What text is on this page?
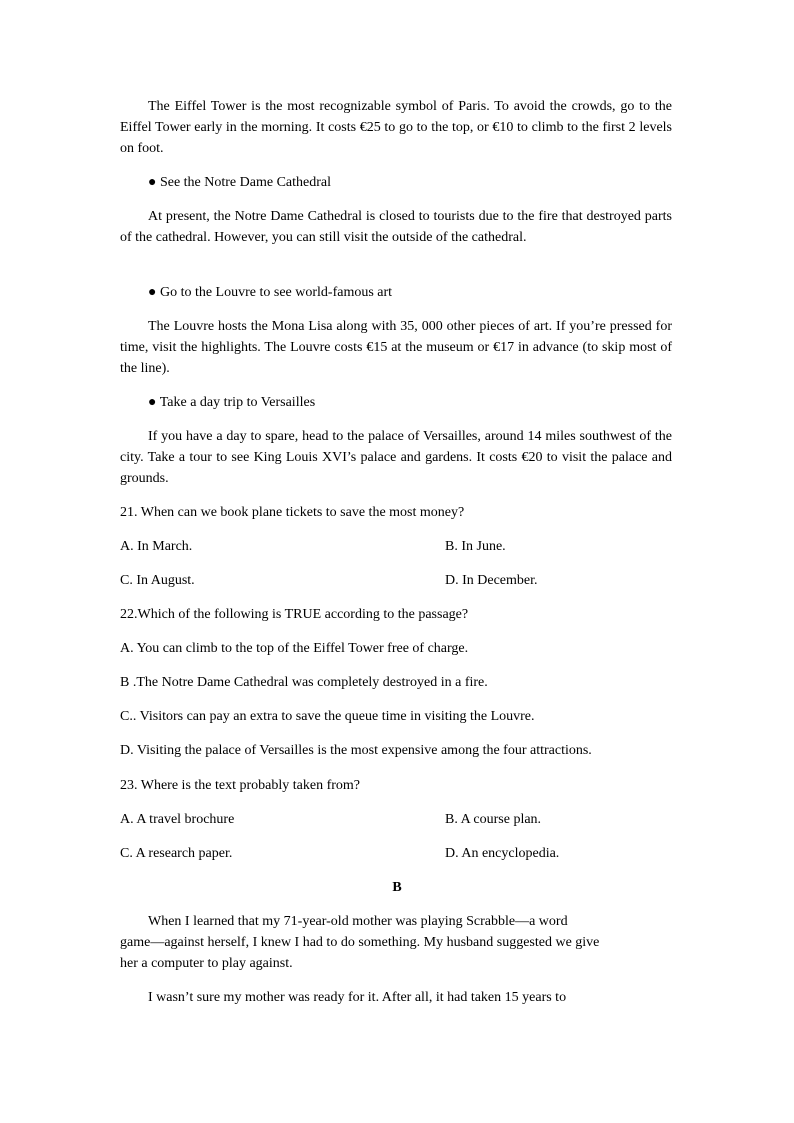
The Eiffel Tower is the most recognizable symbol of Paris. To avoid the crowds, go to the Eiffel Tower early in the morning. It costs €25 to go to the top, or €10 to climb to the first 2 levels on foot.

● See the Notre Dame Cathedral

At present, the Notre Dame Cathedral is closed to tourists due to the fire that destroyed parts of the cathedral. However, you can still visit the outside of the cathedral.

● Go to the Louvre to see world-famous art

The Louvre hosts the Mona Lisa along with 35, 000 other pieces of art. If you’re pressed for time, visit the highlights. The Louvre costs €15 at the museum or €17 in advance (to skip most of the line).

● Take a day trip to Versailles

If you have a day to spare, head to the palace of Versailles, around 14 miles southwest of the city. Take a tour to see King Louis XVI’s palace and gardens. It costs €20 to visit the palace and grounds.

21. When can we book plane tickets to save the most money?

A. In March.	B. In June.

C. In August.	D. In December.

22.Which of the following is TRUE according to the passage?

A. You can climb to the top of the Eiffel Tower free of charge.

B .The Notre Dame Cathedral was completely destroyed in a fire.

C.. Visitors can pay an extra to save the queue time in visiting the Louvre.

D. Visiting the palace of Versailles is the most expensive among the four attractions.

23. Where is the text probably taken from?

A. A travel brochure	B. A course plan.

C. A research paper.	D. An encyclopedia.

B

When I learned that my 71-year-old mother was playing Scrabble—a word

game—against herself, I knew I had to do something. My husband suggested we give

her a computer to play against.

I wasn’t sure my mother was ready for it. After all, it had taken 15 years to
